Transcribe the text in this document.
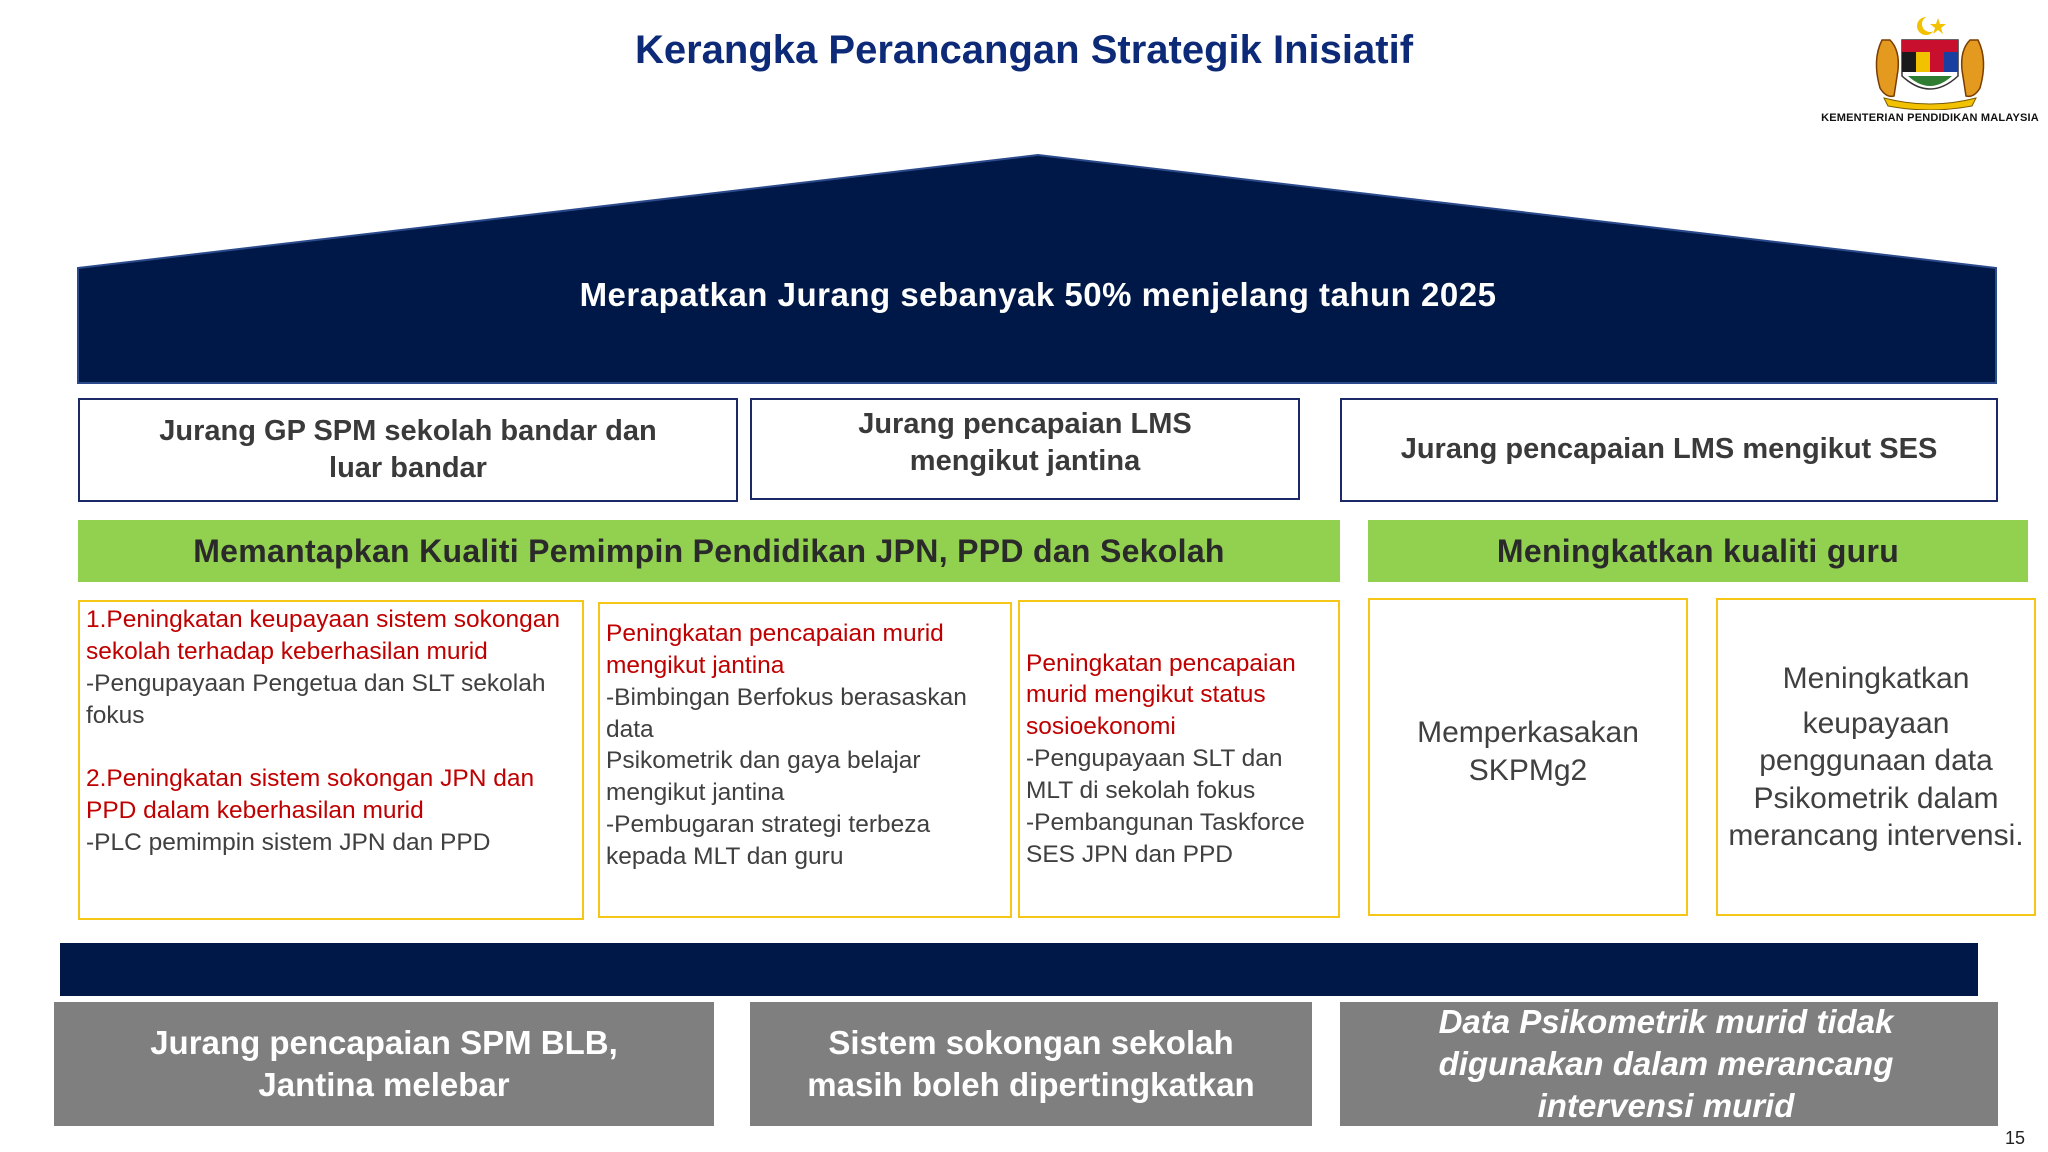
Kerangka Perancangan Strategik Inisiatif
KEMENTERIAN PENDIDIKAN MALAYSIA
Merapatkan Jurang sebanyak 50% menjelang tahun 2025
Jurang GP SPM sekolah bandar dan
luar bandar
Jurang pencapaian LMS
mengikut jantina	Jurang pencapaian LMS mengikut SES
Memantapkan Kualiti Pemimpin Pendidikan JPN, PPD dan Sekolah	Meningkatkan kualiti guru
1.Peningkatan keupayaan sistem sokongan sekolah terhadap keberhasilan murid
-Pengupayaan Pengetua dan SLT sekolah fokus
2.Peningkatan sistem sokongan JPN dan PPD dalam keberhasilan murid
-PLC pemimpin sistem JPN dan PPD
Peningkatan pencapaian murid mengikut jantina
-Bimbingan Berfokus berasaskan data
Psikometrik dan gaya belajar mengikut jantina
-Pembugaran strategi terbeza kepada MLT dan guru
Peningkatan pencapaian murid mengikut status sosioekonomi
-Pengupayaan SLT dan MLT di sekolah fokus
-Pembangunan Taskforce SES JPN dan PPD
Memperkasakan
SKPMg2
Meningkatkan
keupayaan
penggunaan data
Psikometrik dalam
merancang intervensi.
Jurang pencapaian SPM BLB,
Jantina melebar
Sistem sokongan sekolah
masih boleh dipertingkatkan
Data Psikometrik murid tidak
digunakan dalam merancang
intervensi murid
15
